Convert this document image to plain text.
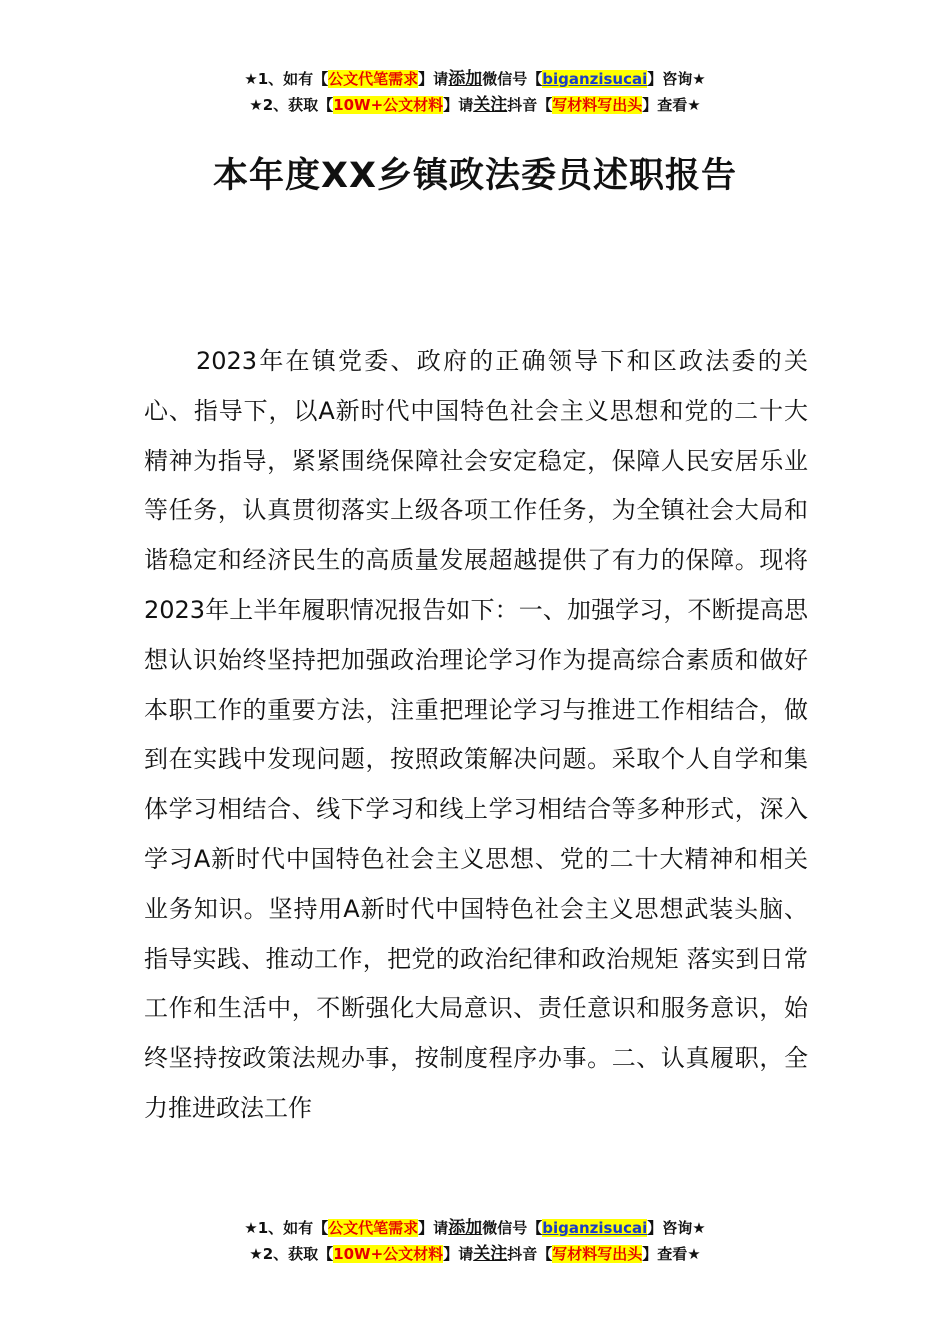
★1、如有【公文代笔需求】请添加微信号【biganzisucai】咨询★
★2、获取【10W+公文材料】请关注抖音【写材料写出头】查看★
本年度XX乡镇政法委员述职报告

2023年在镇党委、政府的正确领导下和区政法委的关心、指导下，以A新时代中国特色社会主义思想和党的二十大精神为指导，紧紧围绕保障社会安定稳定，保障人民安居乐业等任务，认真贯彻落实上级各项工作任务，为全镇社会大局和谐稳定和经济民生的高质量发展超越提供了有力的保障。现将2023年上半年履职情况报告如下：一、加强学习，不断提高思想认识始终坚持把加强政治理论学习作为提高综合素质和做好本职工作的重要方法，注重把理论学习与推进工作相结合，做到在实践中发现问题，按照政策解决问题。采取个人自学和集体学习相结合、线下学习和线上学习相结合等多种形式，深入学习A新时代中国特色社会主义思想、党的二十大精神和相关业务知识。坚持用A新时代中国特色社会主义思想武装头脑、指导实践、推动工作，把党的政治纪律和政治规矩 落实到日常工作和生活中，不断强化大局意识、责任意识和服务意识，始终坚持按政策法规办事，按制度程序办事。二、认真履职，全力推进政法工作

★1、如有【公文代笔需求】请添加微信号【biganzisucai】咨询★
★2、获取【10W+公文材料】请关注抖音【写材料写出头】查看★
